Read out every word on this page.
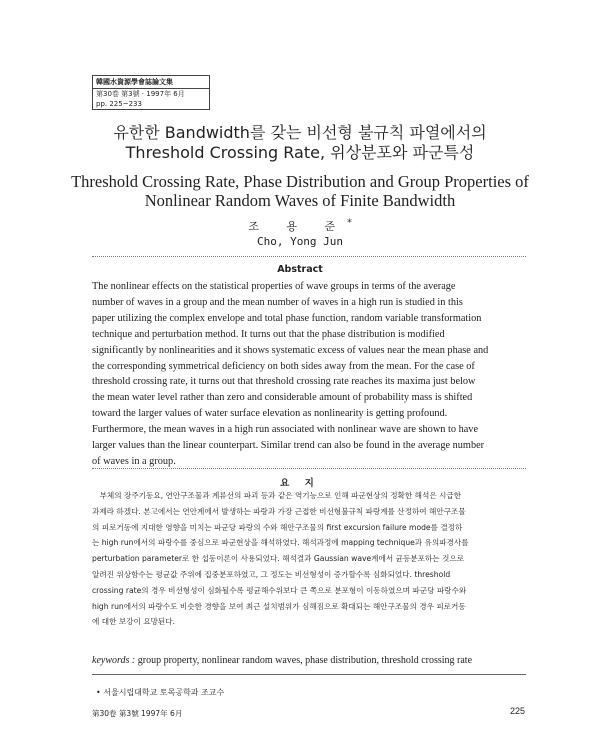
韓國水資源學會誌論文集
第30卷 第3號 · 1997年 6月
pp. 225~233
유한한 Bandwidth를 갖는 비선형 불규칙 파열에서의
Threshold Crossing Rate, 위상분포와 파군특성
Threshold Crossing Rate, Phase Distribution and Group Properties of
Nonlinear Random Waves of Finite Bandwidth
조 용 준*
Cho, Yong Jun
Abstract
The nonlinear effects on the statistical properties of wave groups in terms of the average
number of waves in a group and the mean number of waves in a high run is studied in this
paper utilizing the complex envelope and total phase function, random variable transformation
technique and perturbation method. It turns out that the phase distribution is modified
significantly by nonlinearities and it shows systematic excess of values near the mean phase and
the corresponding symmetrical deficiency on both sides away from the mean. For the case of
threshold crossing rate, it turns out that threshold crossing rate reaches its maxima just below
the mean water level rather than zero and considerable amount of probability mass is shifted
toward the larger values of water surface elevation as nonlinearity is getting profound.
Furthermore, the mean waves in a high run associated with nonlinear wave are shown to have
larger values than the linear counterpart. Similar trend can also be found in the average number
of waves in a group.
요 지
　부체의 장주기동요, 연안구조물과 계류선의 파괴 등과 같은 역기능으로 인해 파군현상의 정확한 해석은 시급한
과제라 하겠다. 본고에서는 연안계에서 발생하는 파랑과 가장 근접한 비선형불규칙 파랑계를 산정하여 해안구조물
의 피로거동에 지대한 영향을 미치는 파군당 파랑의 수와 해안구조물의 first excursion failure mode를 결정하
는 high run에서의 파랑수를 중심으로 파군현상을 해석하였다. 해석과정에 mapping technique과 유의파경사를
perturbation parameter로 한 섭동이론이 사용되었다. 해석결과 Gaussian wave계에서 균등분포하는 것으로
알려진 위상함수는 평균값 주위에 집중분포하였고, 그 정도는 비선형성이 증가할수록 심화되었다. threshold
crossing rate의 경우 비선형성이 심화될수록 평균해수위보다 큰 쪽으로 분포형이 이동하였으며 파군당 파랑수와
high run에서의 파랑수도 비슷한 경향을 보여 최근 설치범위가 심해짐으로 확대되는 해안구조물의 경우 피로거동
에 대한 보강이 요망된다.
keywords : group property, nonlinear random waves, phase distribution, threshold crossing rate
• 서울시립대학교 토목공학과 조교수
第30卷 第3號 1997年 6月	225
